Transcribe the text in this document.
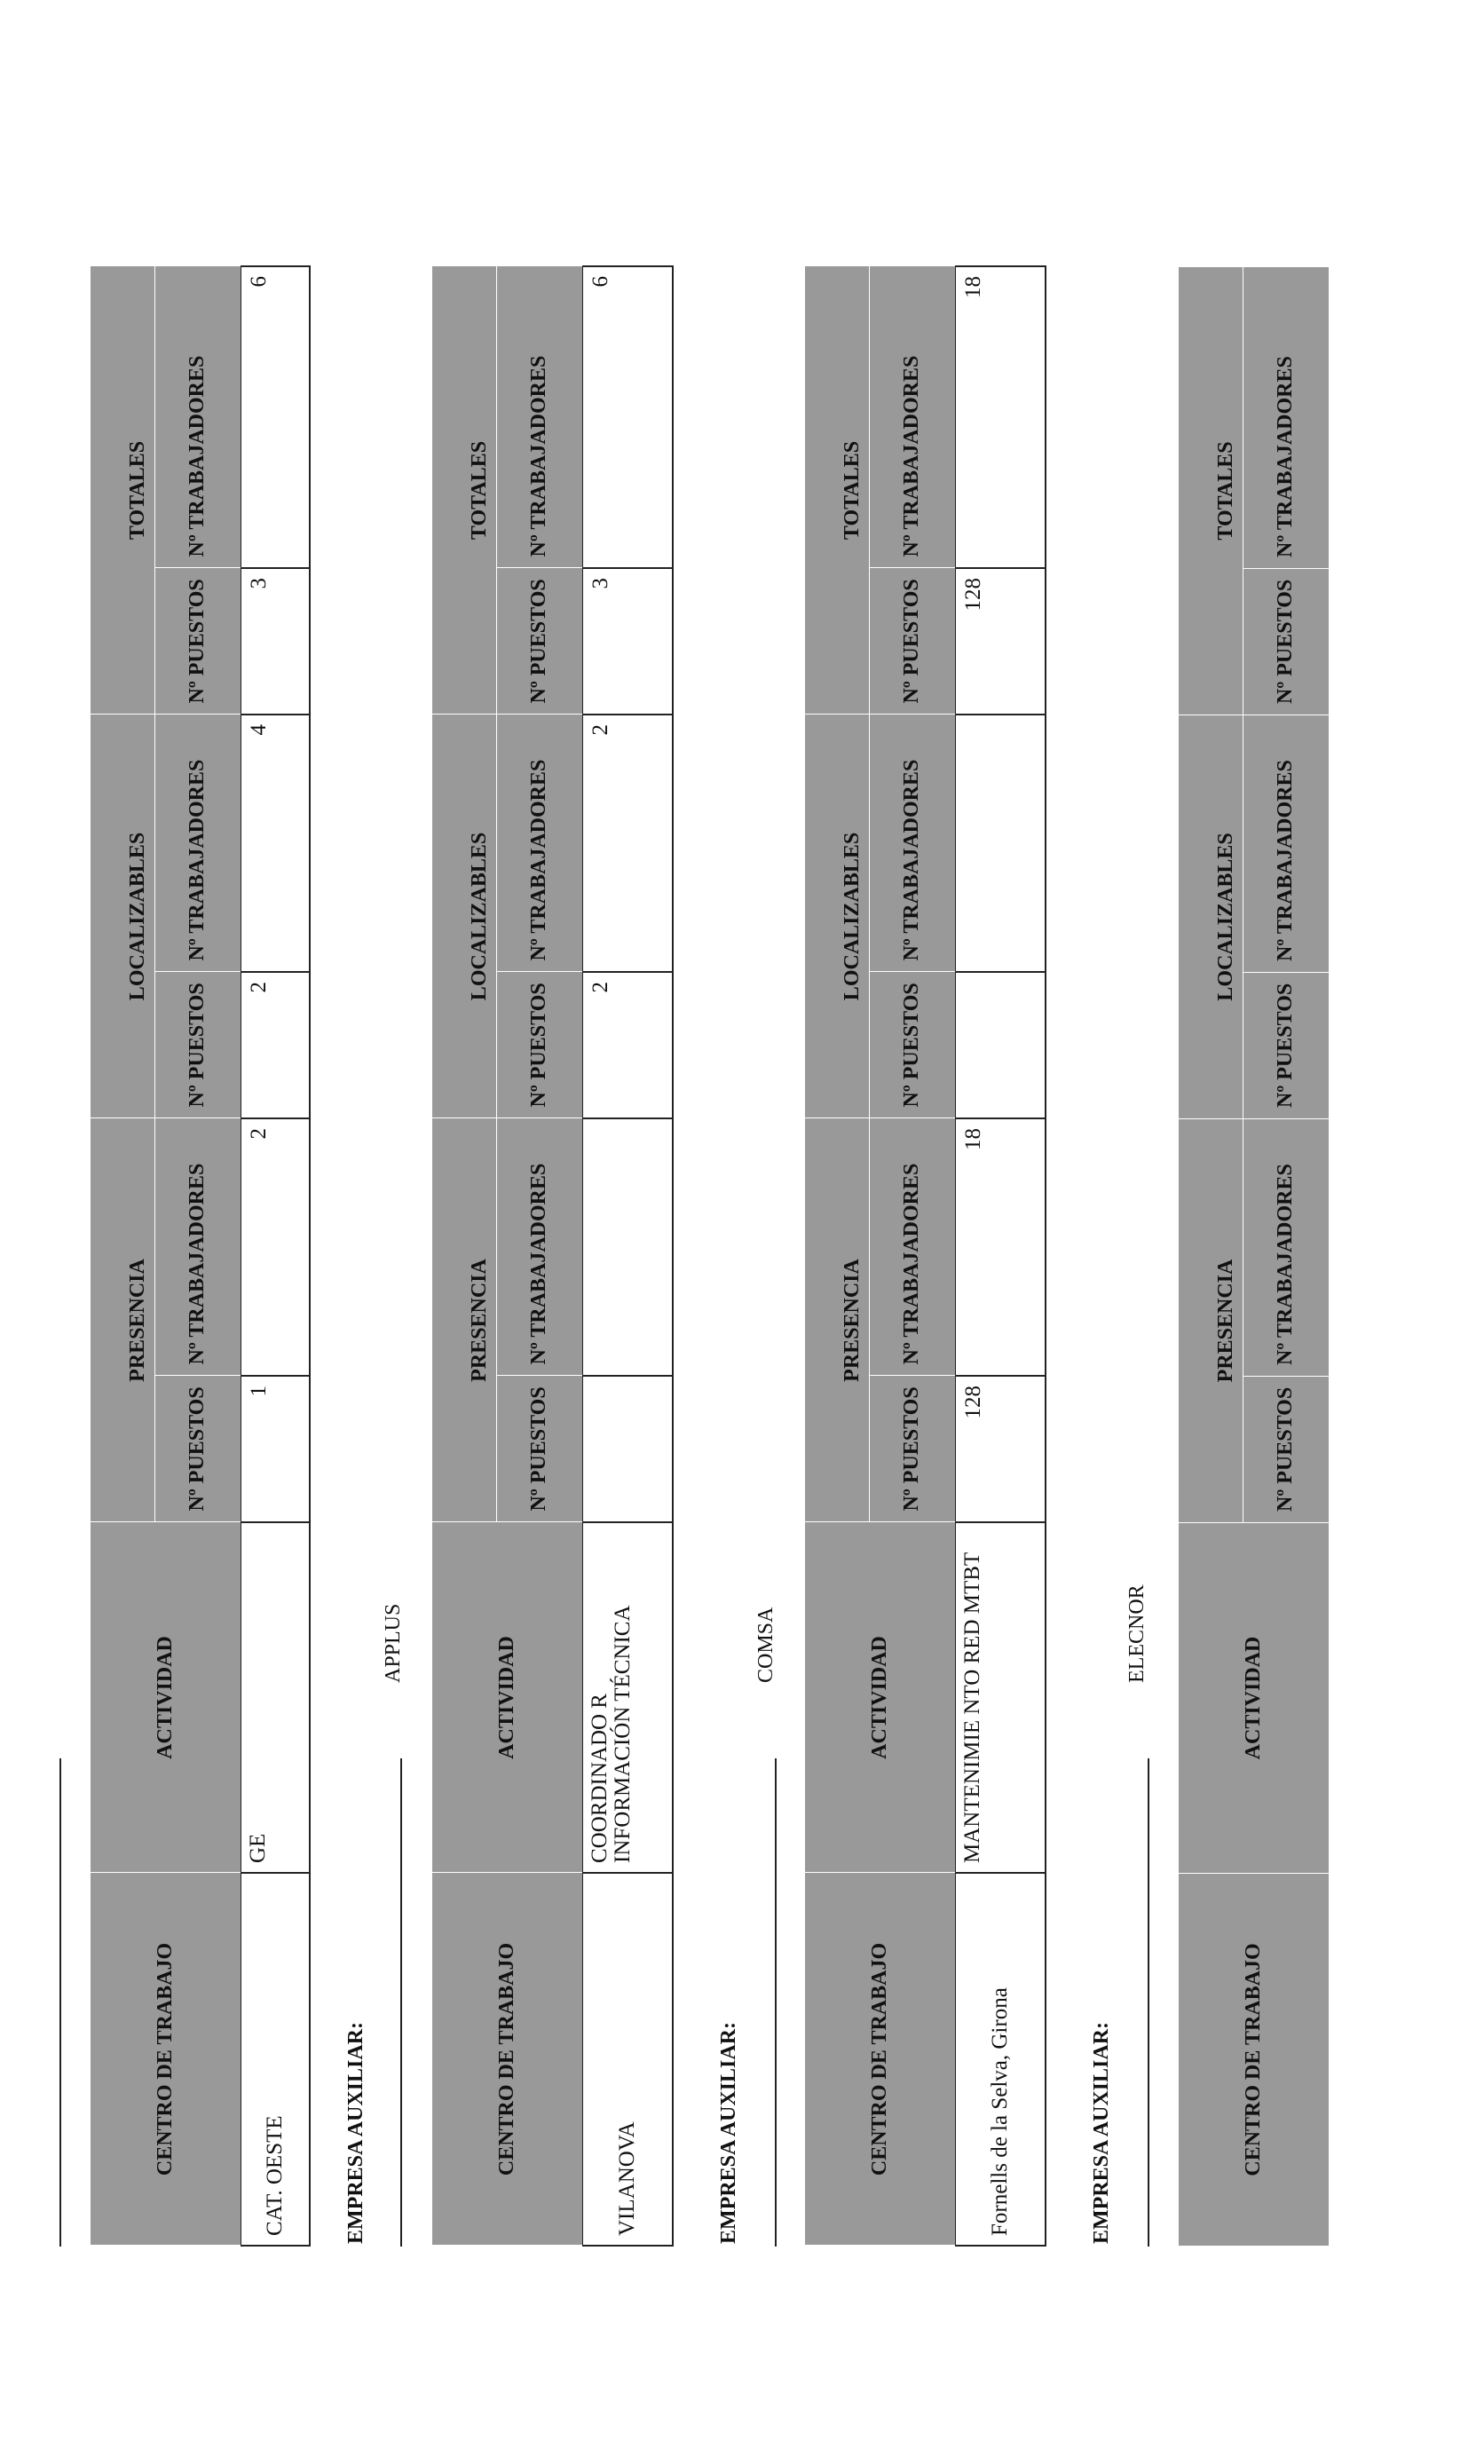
CENTRO DE TRABAJO	ACTIVIDAD	PRESENCIA		LOCALIZABLES		TOTALES	
		Nº PUESTOS	Nº TRABAJADORES	Nº PUESTOS	Nº TRABAJADORES	Nº PUESTOS	Nº TRABAJADORES
CAT. OESTE	GE	1	2	2	4	3	6
EMPRESA AUXILIAR:
APPLUS
CENTRO DE TRABAJO	ACTIVIDAD	PRESENCIA		LOCALIZABLES		TOTALES	
		Nº PUESTOS	Nº TRABAJADORES	Nº PUESTOS	Nº TRABAJADORES	Nº PUESTOS	Nº TRABAJADORES
VILANOVA	COORDINADO R INFORMACIÓN TÉCNICA			2	2	3	6
EMPRESA AUXILIAR:
COMSA
CENTRO DE TRABAJO	ACTIVIDAD	PRESENCIA		LOCALIZABLES		TOTALES	
		Nº PUESTOS	Nº TRABAJADORES	Nº PUESTOS	Nº TRABAJADORES	Nº PUESTOS	Nº TRABAJADORES
Fornells de la Selva, Girona	MANTENIMIE NTO RED MTBT	128	18			128	18
EMPRESA AUXILIAR:
ELECNOR
CENTRO DE TRABAJO	ACTIVIDAD	PRESENCIA		LOCALIZABLES		TOTALES	
		Nº PUESTOS	Nº TRABAJADORES	Nº PUESTOS	Nº TRABAJADORES	Nº PUESTOS	Nº TRABAJADORES
